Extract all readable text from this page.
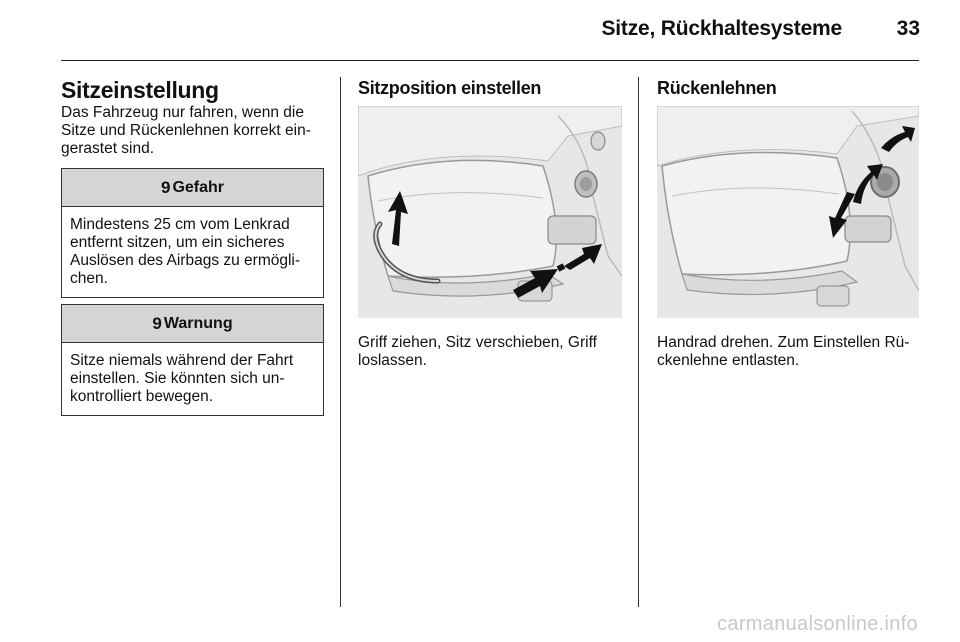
Sitze, Rückhaltesysteme	33
Sitzeinstellung

Das Fahrzeug nur fahren, wenn die
Sitze und Rückenlehnen korrekt ein-
gerastet sind.

9 Gefahr
Mindestens 25 cm vom Lenkrad
entfernt sitzen, um ein sicheres
Auslösen des Airbags zu ermögli-
chen.
9 Warnung
Sitze niemals während der Fahrt
einstellen. Sie könnten sich un-
kontrolliert bewegen.
Sitzposition einstellen
Griff ziehen, Sitz verschieben, Griff
loslassen.
Rückenlehnen
Handrad drehen. Zum Einstellen Rü-
ckenlehne entlasten.
carmanualsonline.info
